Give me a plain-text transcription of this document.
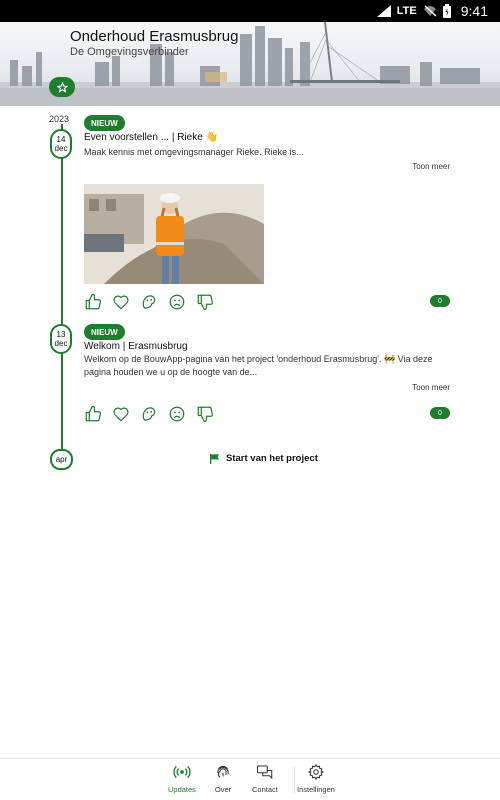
LTE	9:41
Onderhoud Erasmusbrug
De Omgevingsverbinder
2023
14
dec
NIEUW
Even voorstellen ... | Rieke 👋
Maak kennis met omgevingsmanager Rieke. Rieke is...
Toon meer
0
13
dec
NIEUW
Welkom | Erasmusbrug
Welkom op de BouwApp-pagina van het project 'onderhoud Erasmusbrug'. 🚧 Via deze pagina houden we u op de hoogte van de...
Toon meer
0
apr	Start van het project
Updates	Over	Contact	Instellingen
